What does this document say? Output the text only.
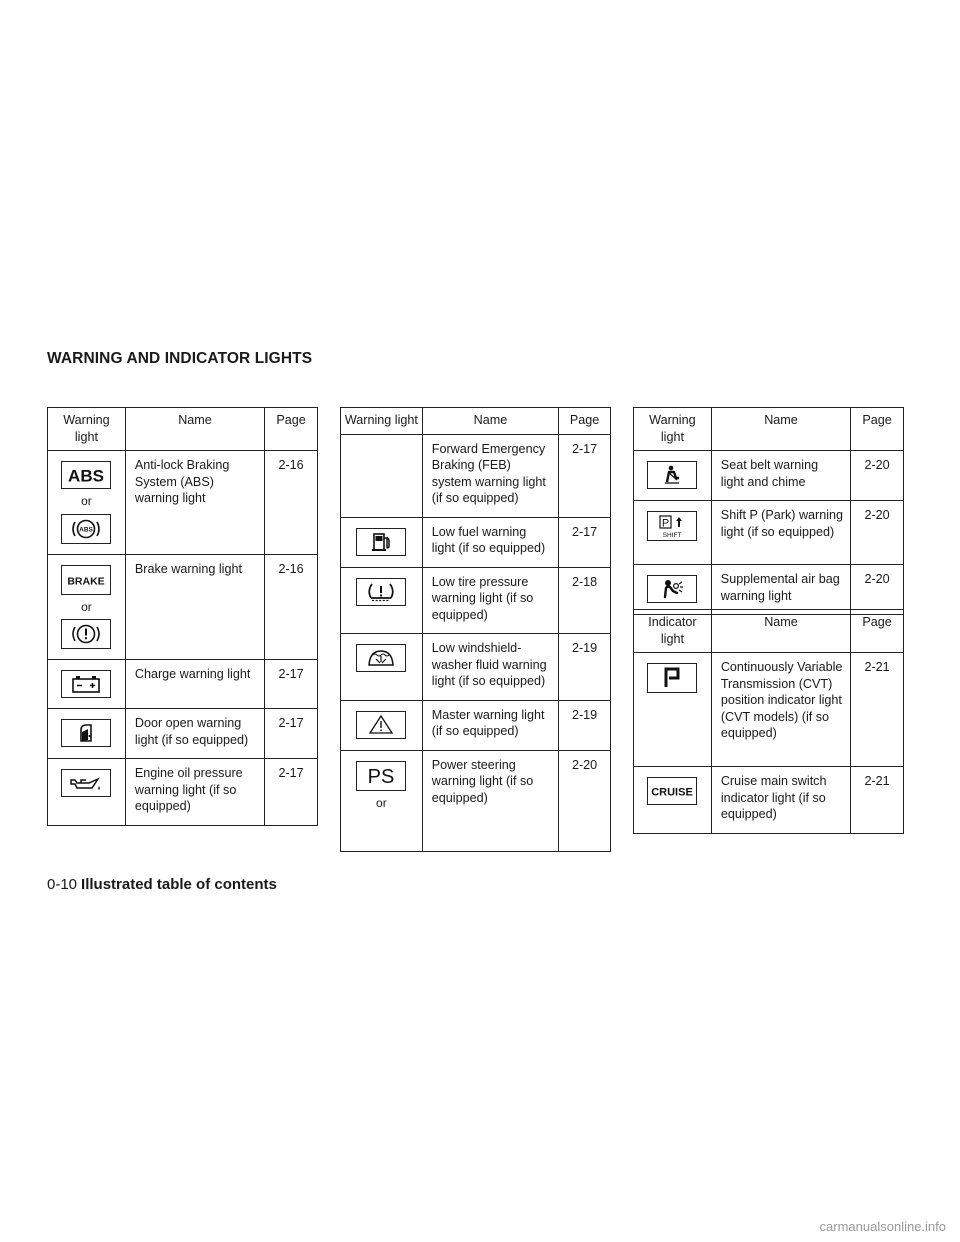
WARNING AND INDICATOR LIGHTS
Warning light	Name	Page

ABS
or
ABS	Anti-lock Braking System (ABS) warning light	2-16

BRAKE
or	Brake warning light	2-16

	Charge warning light	2-17

	Door open warning light (if so equipped)	2-17

	Engine oil pressure warning light (if so equipped)	2-17
Warning light	Name	Page
	Forward Emergency Braking (FEB) system warning light (if so equipped)	2-17

	Low fuel warning light (if so equipped)	2-17

	Low tire pressure warning light (if so equipped)	2-18

	Low windshield-washer fluid warning light (if so equipped)	2-19

	Master warning light (if so equipped)	2-19

PS
or	Power steering warning light (if so equipped)	2-20
Warning light	Name	Page

	Seat belt warning light and chime	2-20

P
SHIFT	Shift P (Park) warning light (if so equipped)	2-20

	Supplemental air bag warning light	2-20
Indicator light	Name	Page

	Continuously Variable Transmission (CVT) position indicator light (CVT models) (if so equipped)	2-21

CRUISE	Cruise main switch indicator light (if so equipped)	2-21
0-10 Illustrated table of contents
carmanualsonline.info
